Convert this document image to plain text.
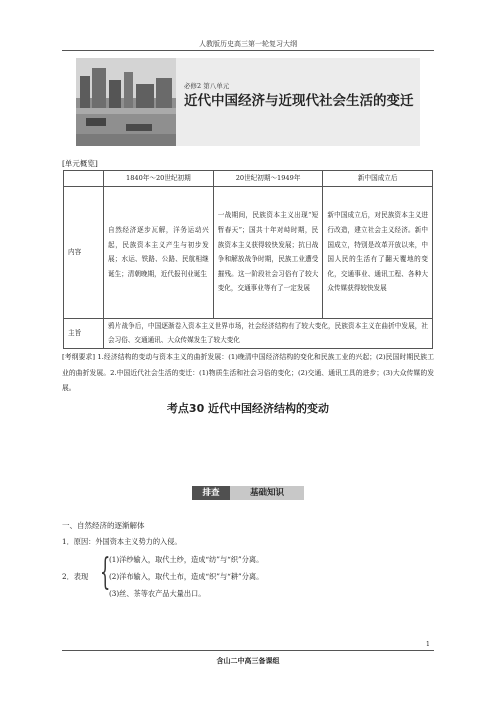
人教版历史高三第一轮复习大纲
必修2 第八单元
近代中国经济与近现代社会生活的变迁
[单元概览]
	1840年～20世纪初期	20世纪初期～1949年	新中国成立后
内容	自然经济逐步瓦解，洋务运动兴起，民族资本主义产生与初步发展；水运、铁路、公路、民航相继诞生；清朝晚期，近代报刊业诞生	一战期间，民族资本主义出现“短暂春天”；国共十年对峙时期，民族资本主义获得较快发展；抗日战争和解放战争时期，民族工业遭受摧残。这一阶段社会习俗有了较大变化，交通事业等有了一定发展	新中国成立后，对民族资本主义进行改造，建立社会主义经济。新中国成立，特别是改革开放以来，中国人民的生活有了翻天覆地的变化，交通事业、通讯工程、各种大众传媒获得较快发展
主旨	鸦片战争后，中国逐渐卷入资本主义世界市场，社会经济结构有了较大变化，民族资本主义在曲折中发展，社会习俗、交通通讯、大众传媒发生了较大变化		
[考纲要求] 1.经济结构的变动与资本主义的曲折发展：(1)晚清中国经济结构的变化和民族工业的兴起；(2)民国时期民族工业的曲折发展。2.中国近代社会生活的变迁：(1)物质生活和社会习俗的变化；(2)交通、通讯工具的进步；(3)大众传媒的发展。
考点30 近代中国经济结构的变动
排查	基础知识
一、自然经济的逐渐解体
1．原因：外国资本主义势力的入侵。
2．表现 {
(1)洋纱输入，取代土纱，造成“纺”与“织”分离。
(2)洋布输入，取代土布，造成“织”与“耕”分离。
(3)丝、茶等农产品大量出口。
1
含山二中高三备课组
